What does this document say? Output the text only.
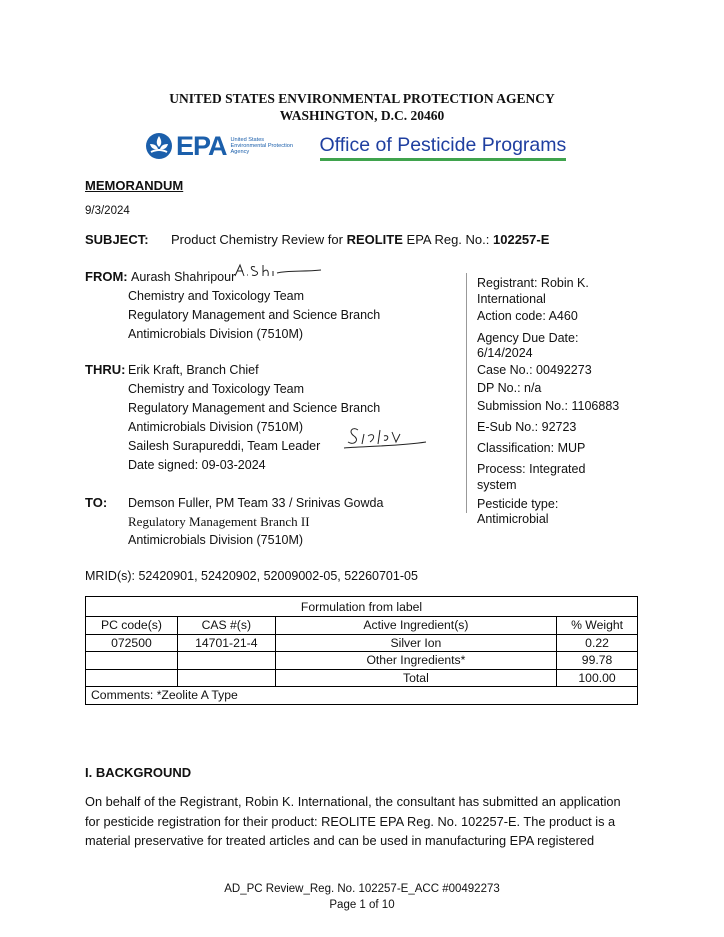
UNITED STATES ENVIRONMENTAL PROTECTION AGENCY
WASHINGTON, D.C. 20460
EPA United States
Environmental Protection
Agency	Office of Pesticide Programs
MEMORANDUM
9/3/2024
SUBJECT: Product Chemistry Review for REOLITE EPA Reg. No.: 102257-E
FROM: Aurash Shahripour
Chemistry and Toxicology Team
Regulatory Management and Science Branch
Antimicrobials Division (7510M)
THRU: Erik Kraft, Branch Chief
Chemistry and Toxicology Team
Regulatory Management and Science Branch
Antimicrobials Division (7510M)
Sailesh Surapureddi, Team Leader
Date signed: 09-03-2024
TO: Demson Fuller, PM Team 33 / Srinivas Gowda
Regulatory Management Branch II
Antimicrobials Division (7510M)
Registrant: Robin K.
International
Action code: A460
Agency Due Date:
6/14/2024
Case No.: 00492273
DP No.: n/a
Submission No.: 1106883
E-Sub No.: 92723
Classification: MUP
Process: Integrated
system
Pesticide type:
Antimicrobial
MRID(s): 52420901, 52420902, 52009002-05, 52260701-05
Formulation from label			
PC code(s)	CAS #(s)	Active Ingredient(s)	% Weight
072500	14701-21-4	Silver Ion	0.22
		Other Ingredients*	99.78
		Total	100.00
Comments: *Zeolite A Type			
I. BACKGROUND
On behalf of the Registrant, Robin K. International, the consultant has submitted an application
for pesticide registration for their product: REOLITE EPA Reg. No. 102257-E. The product is a
material preservative for treated articles and can be used in manufacturing EPA registered
AD_PC Review_Reg. No. 102257-E_ACC #00492273
Page 1 of 10
